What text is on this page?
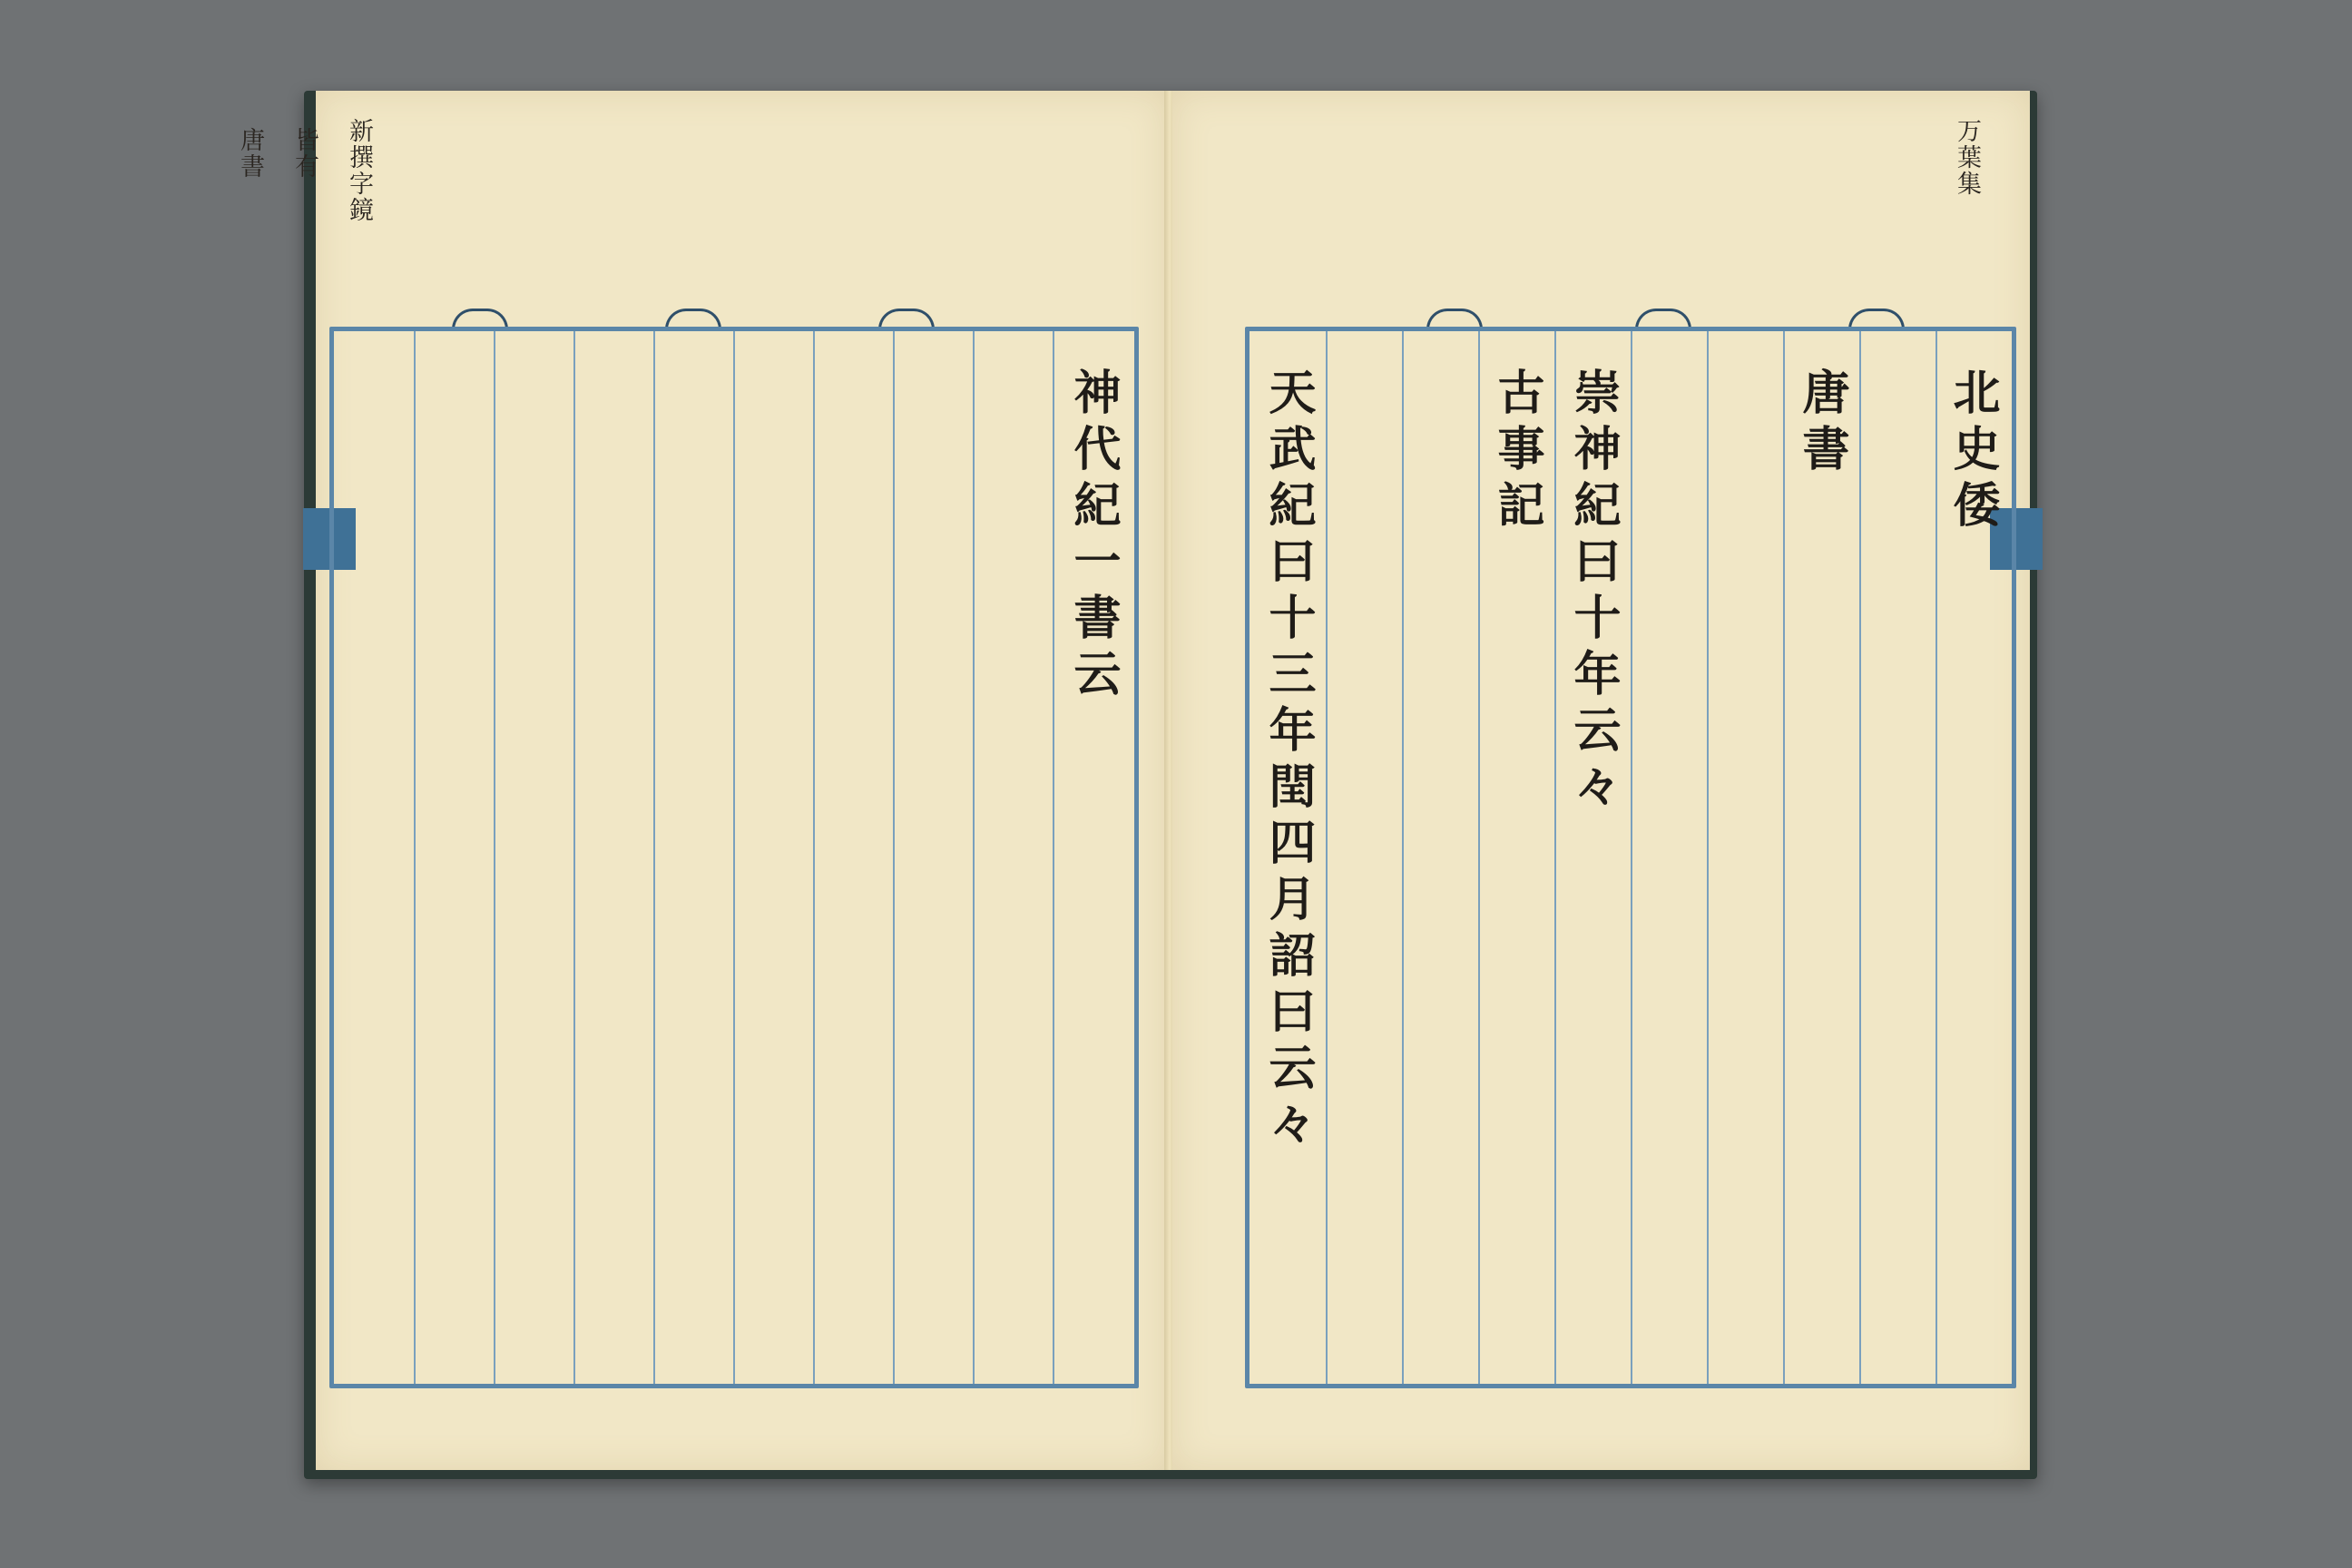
新撰字鏡
皆有
唐書
神代紀一書云
万葉集
北史倭
唐書
崇神紀曰十年云々
古事記
天武紀曰十三年閏四月詔曰云々
